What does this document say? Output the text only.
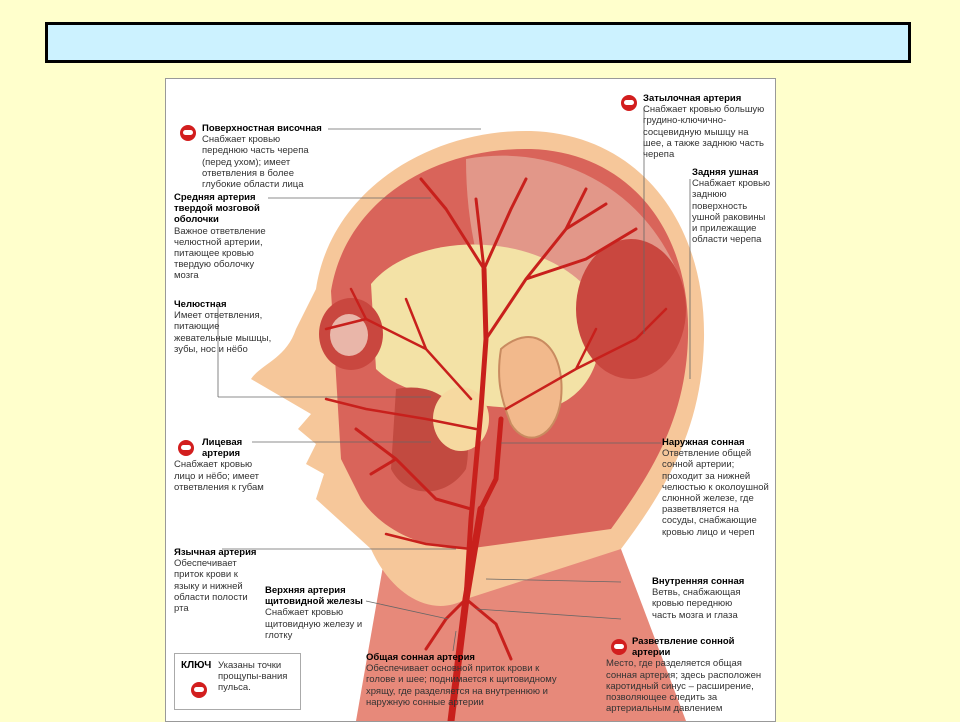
Поверхностная височная
Снабжает кровью переднюю часть черепа (перед ухом); имеет ответвления в более глубокие области лица
Средняя артерия твердой мозговой оболочки
Важное ответвление челюстной артерии, питающее кровью твердую оболочку мозга
Челюстная
Имеет ответвления, питающие жевательные мышцы, зубы, нос и нёбо
Лицевая артерия
Снабжает кровью лицо и нёбо; имеет ответвления к губам
Язычная артерия
Обеспечивает приток крови к языку и нижней области полости рта
Верхняя артерия щитовидной железы
Снабжает кровью щитовидную железу и глотку
Общая сонная артерия
Обеспечивает основной приток крови к голове и шее; поднимается к щитовидному хрящу, где разделяется на внутреннюю и наружную сонные артерии
Затылочная артерия
Снабжает кровью большую грудино-ключично-сосцевидную мышцу на шее, а также заднюю часть черепа
Задняя ушная
Снабжает кровью заднюю поверхность ушной раковины и прилежащие области черепа
Наружная сонная
Ответвление общей сонной артерии; проходит за нижней челюстью к околоушной слюнной железе, где разветвляется на сосуды, снабжающие кровью лицо и череп
Внутренняя сонная
Ветвь, снабжающая кровью переднюю часть мозга и глаза
Разветвление сонной артерии
Место, где разделяется общая сонная артерия; здесь расположен каротидный синус – расширение, позволяющее следить за артериальным давлением
КЛЮЧ Указаны точки прощупы-вания пульса.
